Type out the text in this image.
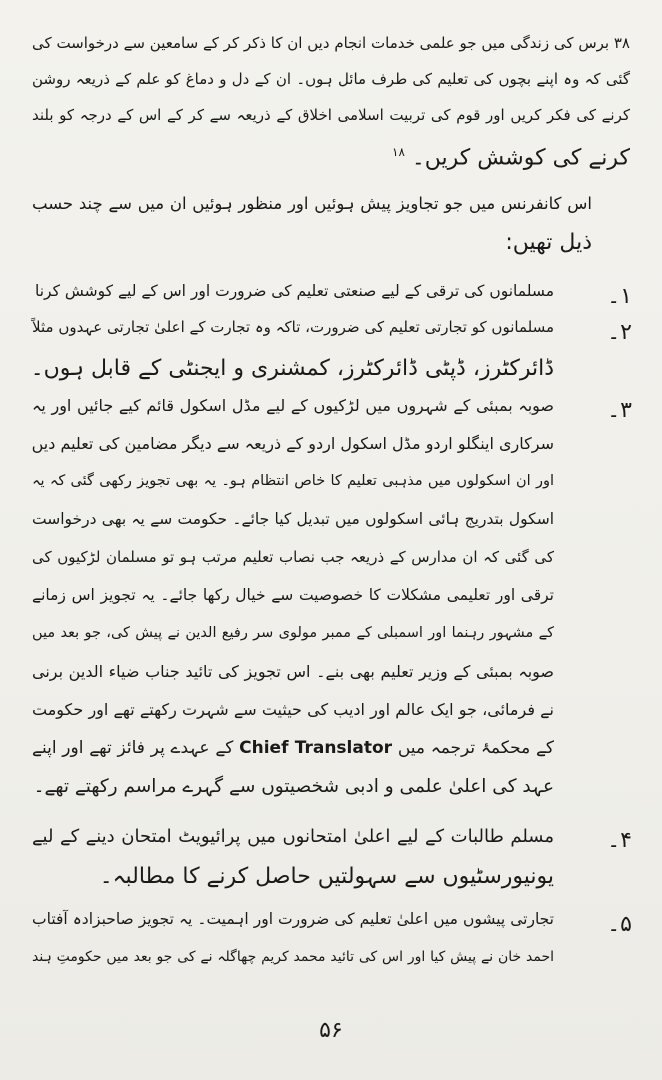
۳۸ برس کی زندگی میں جو علمی خدمات انجام دیں ان کا ذکر کر کے سامعین سے درخواست کی
گئی کہ وہ اپنے بچوں کی تعلیم کی طرف مائل ہوں۔ ان کے دل و دماغ کو علم کے ذریعہ روشن
کرنے کی فکر کریں اور قوم کی تربیت اسلامی اخلاق کے ذریعہ سے کر کے اس کے درجہ کو بلند
کرنے کی کوشش کریں۔ $^{۱۸}$
اس کانفرنس میں جو تجاویز پیش ہوئیں اور منظور ہوئیں ان میں سے چند حسب
ذیل تھیں:
۱۔
مسلمانوں کی ترقی کے لیے صنعتی تعلیم کی ضرورت اور اس کے لیے کوشش کرنا
۲۔
مسلمانوں کو تجارتی تعلیم کی ضرورت، تاکہ وہ تجارت کے اعلیٰ تجارتی عہدوں مثلاً
ڈائرکٹرز، ڈپٹی ڈائرکٹرز، کمشنری و ایجنٹی کے قابل ہوں۔
۳۔
صوبہ بمبئی کے شہروں میں لڑکیوں کے لیے مڈل اسکول قائم کیے جائیں اور یہ
سرکاری اینگلو اردو مڈل اسکول اردو کے ذریعہ سے دیگر مضامین کی تعلیم دیں
اور ان اسکولوں میں مذہبی تعلیم کا خاص انتظام ہو۔ یہ بھی تجویز رکھی گئی کہ یہ
اسکول بتدریج ہائی اسکولوں میں تبدیل کیا جائے۔ حکومت سے یہ بھی درخواست
کی گئی کہ ان مدارس کے ذریعہ جب نصاب تعلیم مرتب ہو تو مسلمان لڑکیوں کی
ترقی اور تعلیمی مشکلات کا خصوصیت سے خیال رکھا جائے۔ یہ تجویز اس زمانے
کے مشہور رہنما اور اسمبلی کے ممبر مولوی سر رفیع الدین نے پیش کی، جو بعد میں
صوبہ بمبئی کے وزیر تعلیم بھی بنے۔ اس تجویز کی تائید جناب ضیاء الدین برنی
نے فرمائی، جو ایک عالم اور ادیب کی حیثیت سے شہرت رکھتے تھے اور حکومت
کے محکمۂ ترجمہ میں Chief Translator کے عہدے پر فائز تھے اور اپنے
عہد کی اعلیٰ علمی و ادبی شخصیتوں سے گہرے مراسم رکھتے تھے۔
۴۔
مسلم طالبات کے لیے اعلیٰ امتحانوں میں پرائیویٹ امتحان دینے کے لیے
یونیورسٹیوں سے سہولتیں حاصل کرنے کا مطالبہ۔
۵۔
تجارتی پیشوں میں اعلیٰ تعلیم کی ضرورت اور اہمیت۔ یہ تجویز صاحبزادہ آفتاب
احمد خان نے پیش کیا اور اس کی تائید محمد کریم چھاگلہ نے کی جو بعد میں حکومتِ ہند
۵۶
